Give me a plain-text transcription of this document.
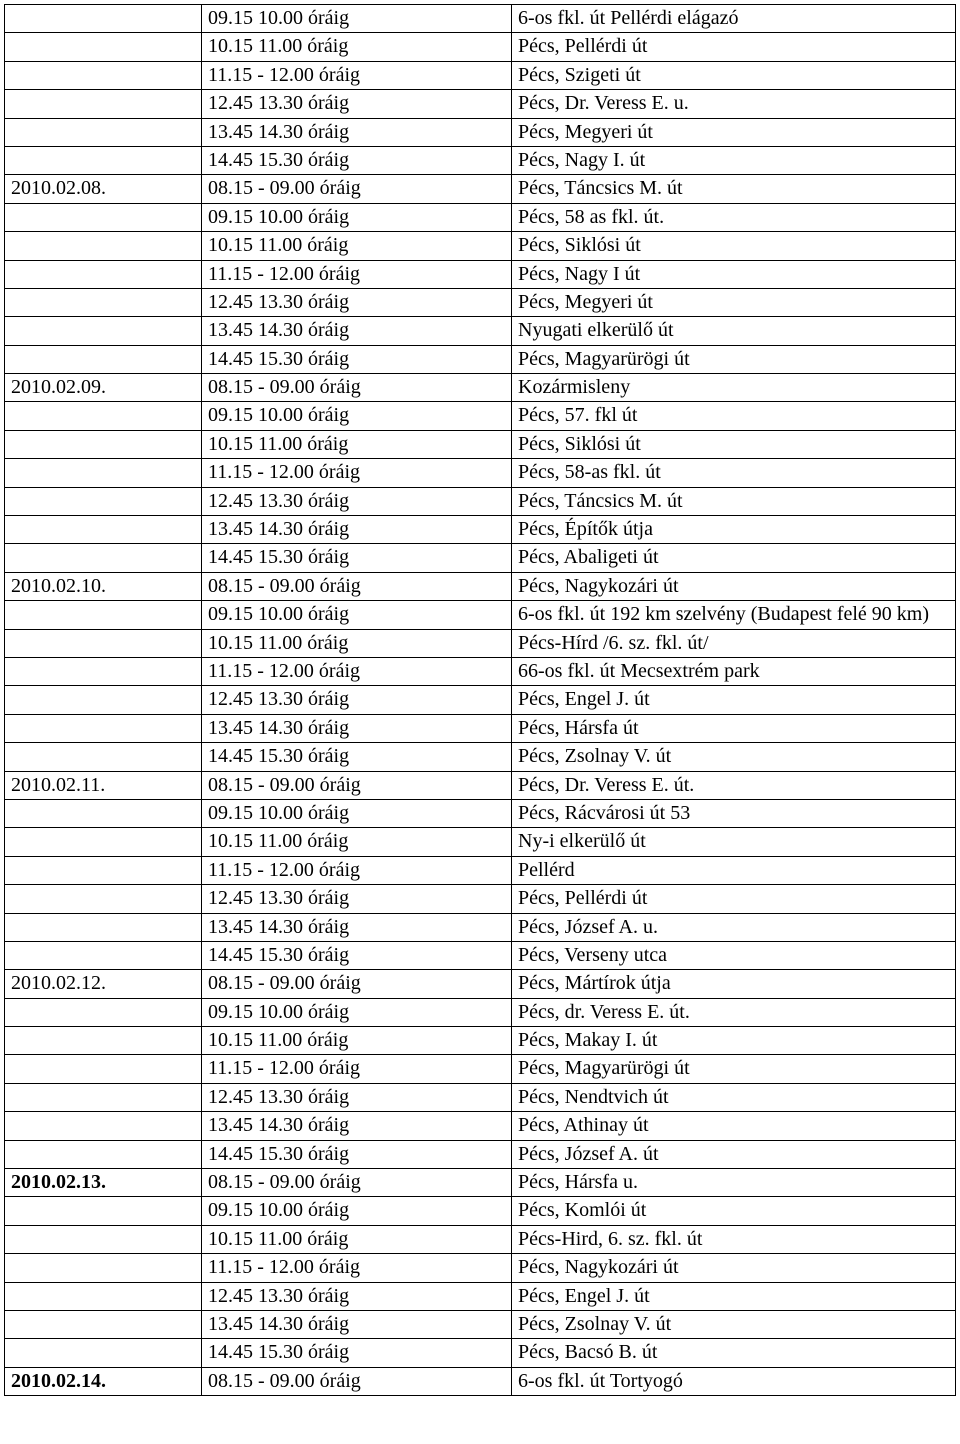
	09.15 10.00 óráig	6-os fkl. út Pellérdi elágazó
	10.15 11.00 óráig	Pécs, Pellérdi út
	11.15 - 12.00 óráig	Pécs, Szigeti út
	12.45 13.30 óráig	Pécs, Dr. Veress E. u.
	13.45 14.30 óráig	Pécs, Megyeri út
	14.45 15.30 óráig	Pécs, Nagy I. út
2010.02.08.	08.15 - 09.00 óráig	Pécs, Táncsics M. út
	09.15 10.00 óráig	Pécs, 58 as fkl. út.
	10.15 11.00 óráig	Pécs, Siklósi út
	11.15 - 12.00 óráig	Pécs, Nagy I út
	12.45 13.30 óráig	Pécs, Megyeri út
	13.45 14.30 óráig	Nyugati elkerülő út
	14.45 15.30 óráig	Pécs, Magyarürögi út
2010.02.09.	08.15 - 09.00 óráig	Kozármisleny
	09.15 10.00 óráig	Pécs, 57. fkl út
	10.15 11.00 óráig	Pécs, Siklósi út
	11.15 - 12.00 óráig	Pécs, 58-as fkl. út
	12.45 13.30 óráig	Pécs, Táncsics M. út
	13.45 14.30 óráig	Pécs, Építők útja
	14.45 15.30 óráig	Pécs, Abaligeti út
2010.02.10.	08.15 - 09.00 óráig	Pécs, Nagykozári út
	09.15 10.00 óráig	6-os fkl. út 192 km szelvény (Budapest felé 90 km)
	10.15 11.00 óráig	Pécs-Hírd /6. sz. fkl. út/
	11.15 - 12.00 óráig	66-os fkl. út Mecsextrém park
	12.45 13.30 óráig	Pécs, Engel J. út
	13.45 14.30 óráig	Pécs, Hársfa út
	14.45 15.30 óráig	Pécs, Zsolnay V. út
2010.02.11.	08.15 - 09.00 óráig	Pécs, Dr. Veress E. út.
	09.15 10.00 óráig	Pécs, Rácvárosi út 53
	10.15 11.00 óráig	Ny-i elkerülő út
	11.15 - 12.00 óráig	Pellérd
	12.45 13.30 óráig	Pécs, Pellérdi út
	13.45 14.30 óráig	Pécs, József A. u.
	14.45 15.30 óráig	Pécs, Verseny utca
2010.02.12.	08.15 - 09.00 óráig	Pécs, Mártírok útja
	09.15 10.00 óráig	Pécs, dr. Veress E. út.
	10.15 11.00 óráig	Pécs, Makay I. út
	11.15 - 12.00 óráig	Pécs, Magyarürögi út
	12.45 13.30 óráig	Pécs, Nendtvich út
	13.45 14.30 óráig	Pécs, Athinay út
	14.45 15.30 óráig	Pécs, József A. út
2010.02.13.	08.15 - 09.00 óráig	Pécs, Hársfa u.
	09.15 10.00 óráig	Pécs, Komlói út
	10.15 11.00 óráig	Pécs-Hird, 6. sz. fkl. út
	11.15 - 12.00 óráig	Pécs, Nagykozári út
	12.45 13.30 óráig	Pécs, Engel J. út
	13.45 14.30 óráig	Pécs, Zsolnay V. út
	14.45 15.30 óráig	Pécs, Bacsó B. út
2010.02.14.	08.15 - 09.00 óráig	6-os fkl. út Tortyogó
